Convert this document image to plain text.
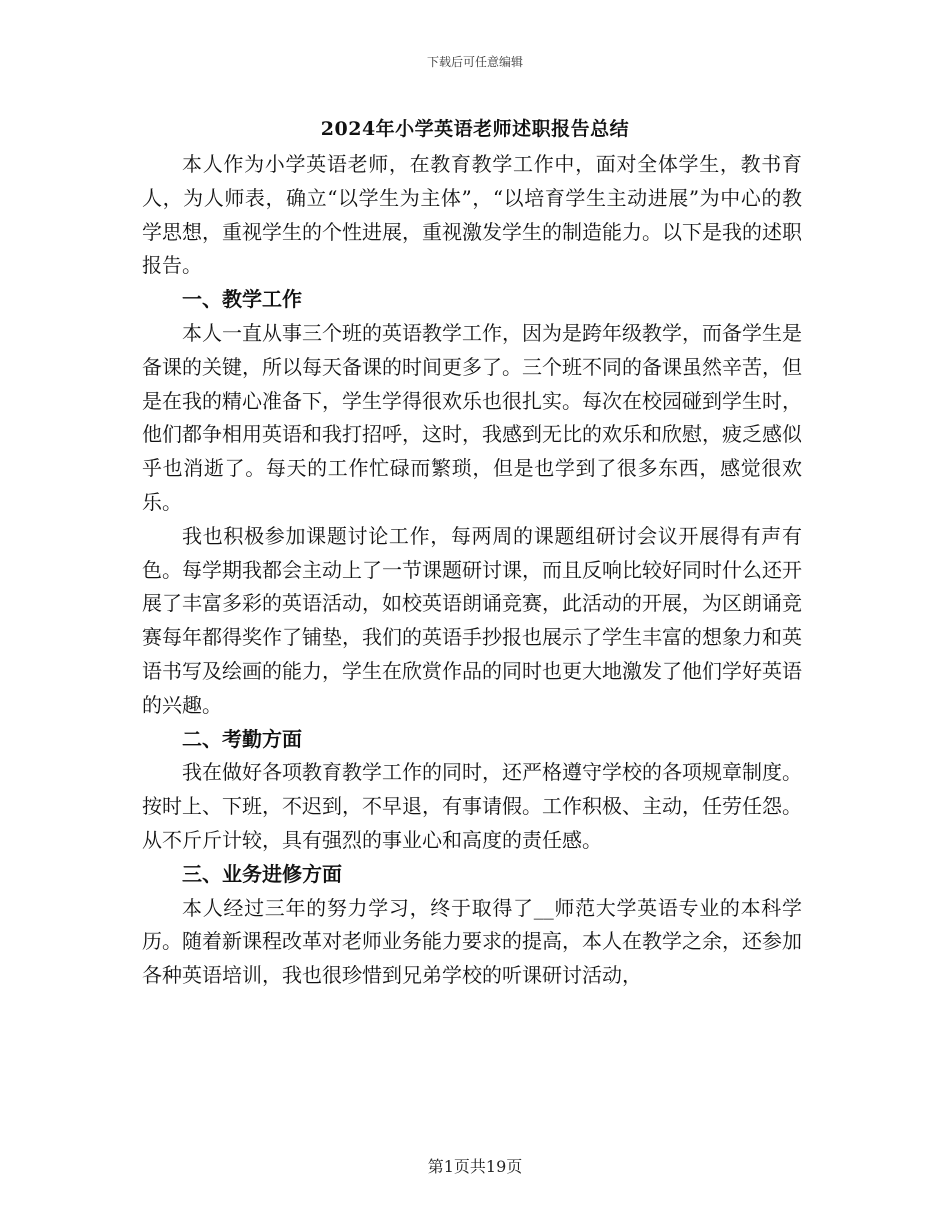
下载后可任意编辑
2024年小学英语老师述职报告总结

本人作为小学英语老师，在教育教学工作中，面对全体学生，教书育人，为人师表，确立“以学生为主体”，“以培育学生主动进展”为中心的教学思想，重视学生的个性进展，重视激发学生的制造能力。以下是我的述职报告。

一、教学工作

本人一直从事三个班的英语教学工作，因为是跨年级教学，而备学生是备课的关键，所以每天备课的时间更多了。三个班不同的备课虽然辛苦，但是在我的精心准备下，学生学得很欢乐也很扎实。每次在校园碰到学生时，他们都争相用英语和我打招呼，这时，我感到无比的欢乐和欣慰，疲乏感似乎也消逝了。每天的工作忙碌而繁琐，但是也学到了很多东西，感觉很欢乐。

我也积极参加课题讨论工作，每两周的课题组研讨会议开展得有声有色。每学期我都会主动上了一节课题研讨课，而且反响比较好同时什么还开展了丰富多彩的英语活动，如校英语朗诵竞赛，此活动的开展，为区朗诵竞赛每年都得奖作了铺垫，我们的英语手抄报也展示了学生丰富的想象力和英语书写及绘画的能力，学生在欣赏作品的同时也更大地激发了他们学好英语的兴趣。

二、考勤方面

我在做好各项教育教学工作的同时，还严格遵守学校的各项规章制度。按时上、下班，不迟到，不早退，有事请假。工作积极、主动，任劳任怨。从不斤斤计较，具有强烈的事业心和高度的责任感。

三、业务进修方面

本人经过三年的努力学习，终于取得了__师范大学英语专业的本科学历。随着新课程改革对老师业务能力要求的提高，本人在教学之余，还参加各种英语培训，我也很珍惜到兄弟学校的听课研讨活动，

第1页共19页
